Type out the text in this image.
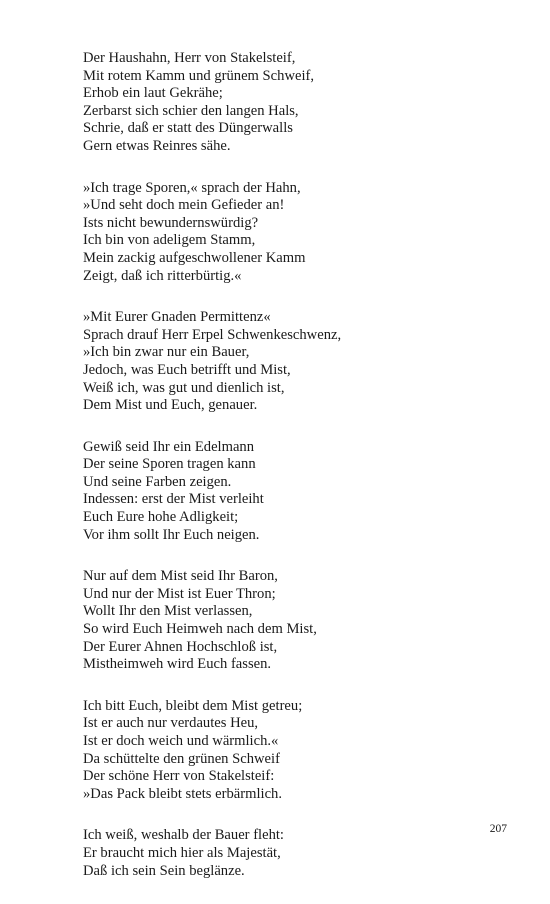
Der Haushahn, Herr von Stakelsteif,
Mit rotem Kamm und grünem Schweif,
Erhob ein laut Gekrähe;
Zerbarst sich schier den langen Hals,
Schrie, daß er statt des Düngerwalls
Gern etwas Reinres sähe.
»Ich trage Sporen,« sprach der Hahn,
»Und seht doch mein Gefieder an!
Ists nicht bewundernswürdig?
Ich bin von adeligem Stamm,
Mein zackig aufgeschwollener Kamm
Zeigt, daß ich ritterbürtig.«
»Mit Eurer Gnaden Permittenz«
Sprach drauf Herr Erpel Schwenkeschwenz,
»Ich bin zwar nur ein Bauer,
Jedoch, was Euch betrifft und Mist,
Weiß ich, was gut und dienlich ist,
Dem Mist und Euch, genauer.
Gewiß seid Ihr ein Edelmann
Der seine Sporen tragen kann
Und seine Farben zeigen.
Indessen: erst der Mist verleiht
Euch Eure hohe Adligkeit;
Vor ihm sollt Ihr Euch neigen.
Nur auf dem Mist seid Ihr Baron,
Und nur der Mist ist Euer Thron;
Wollt Ihr den Mist verlassen,
So wird Euch Heimweh nach dem Mist,
Der Eurer Ahnen Hochschloß ist,
Mistheimweh wird Euch fassen.
Ich bitt Euch, bleibt dem Mist getreu;
Ist er auch nur verdautes Heu,
Ist er doch weich und wärmlich.«
Da schüttelte den grünen Schweif
Der schöne Herr von Stakelsteif:
»Das Pack bleibt stets erbärmlich.
Ich weiß, weshalb der Bauer fleht:
Er braucht mich hier als Majestät,
Daß ich sein Sein beglänze.
207
